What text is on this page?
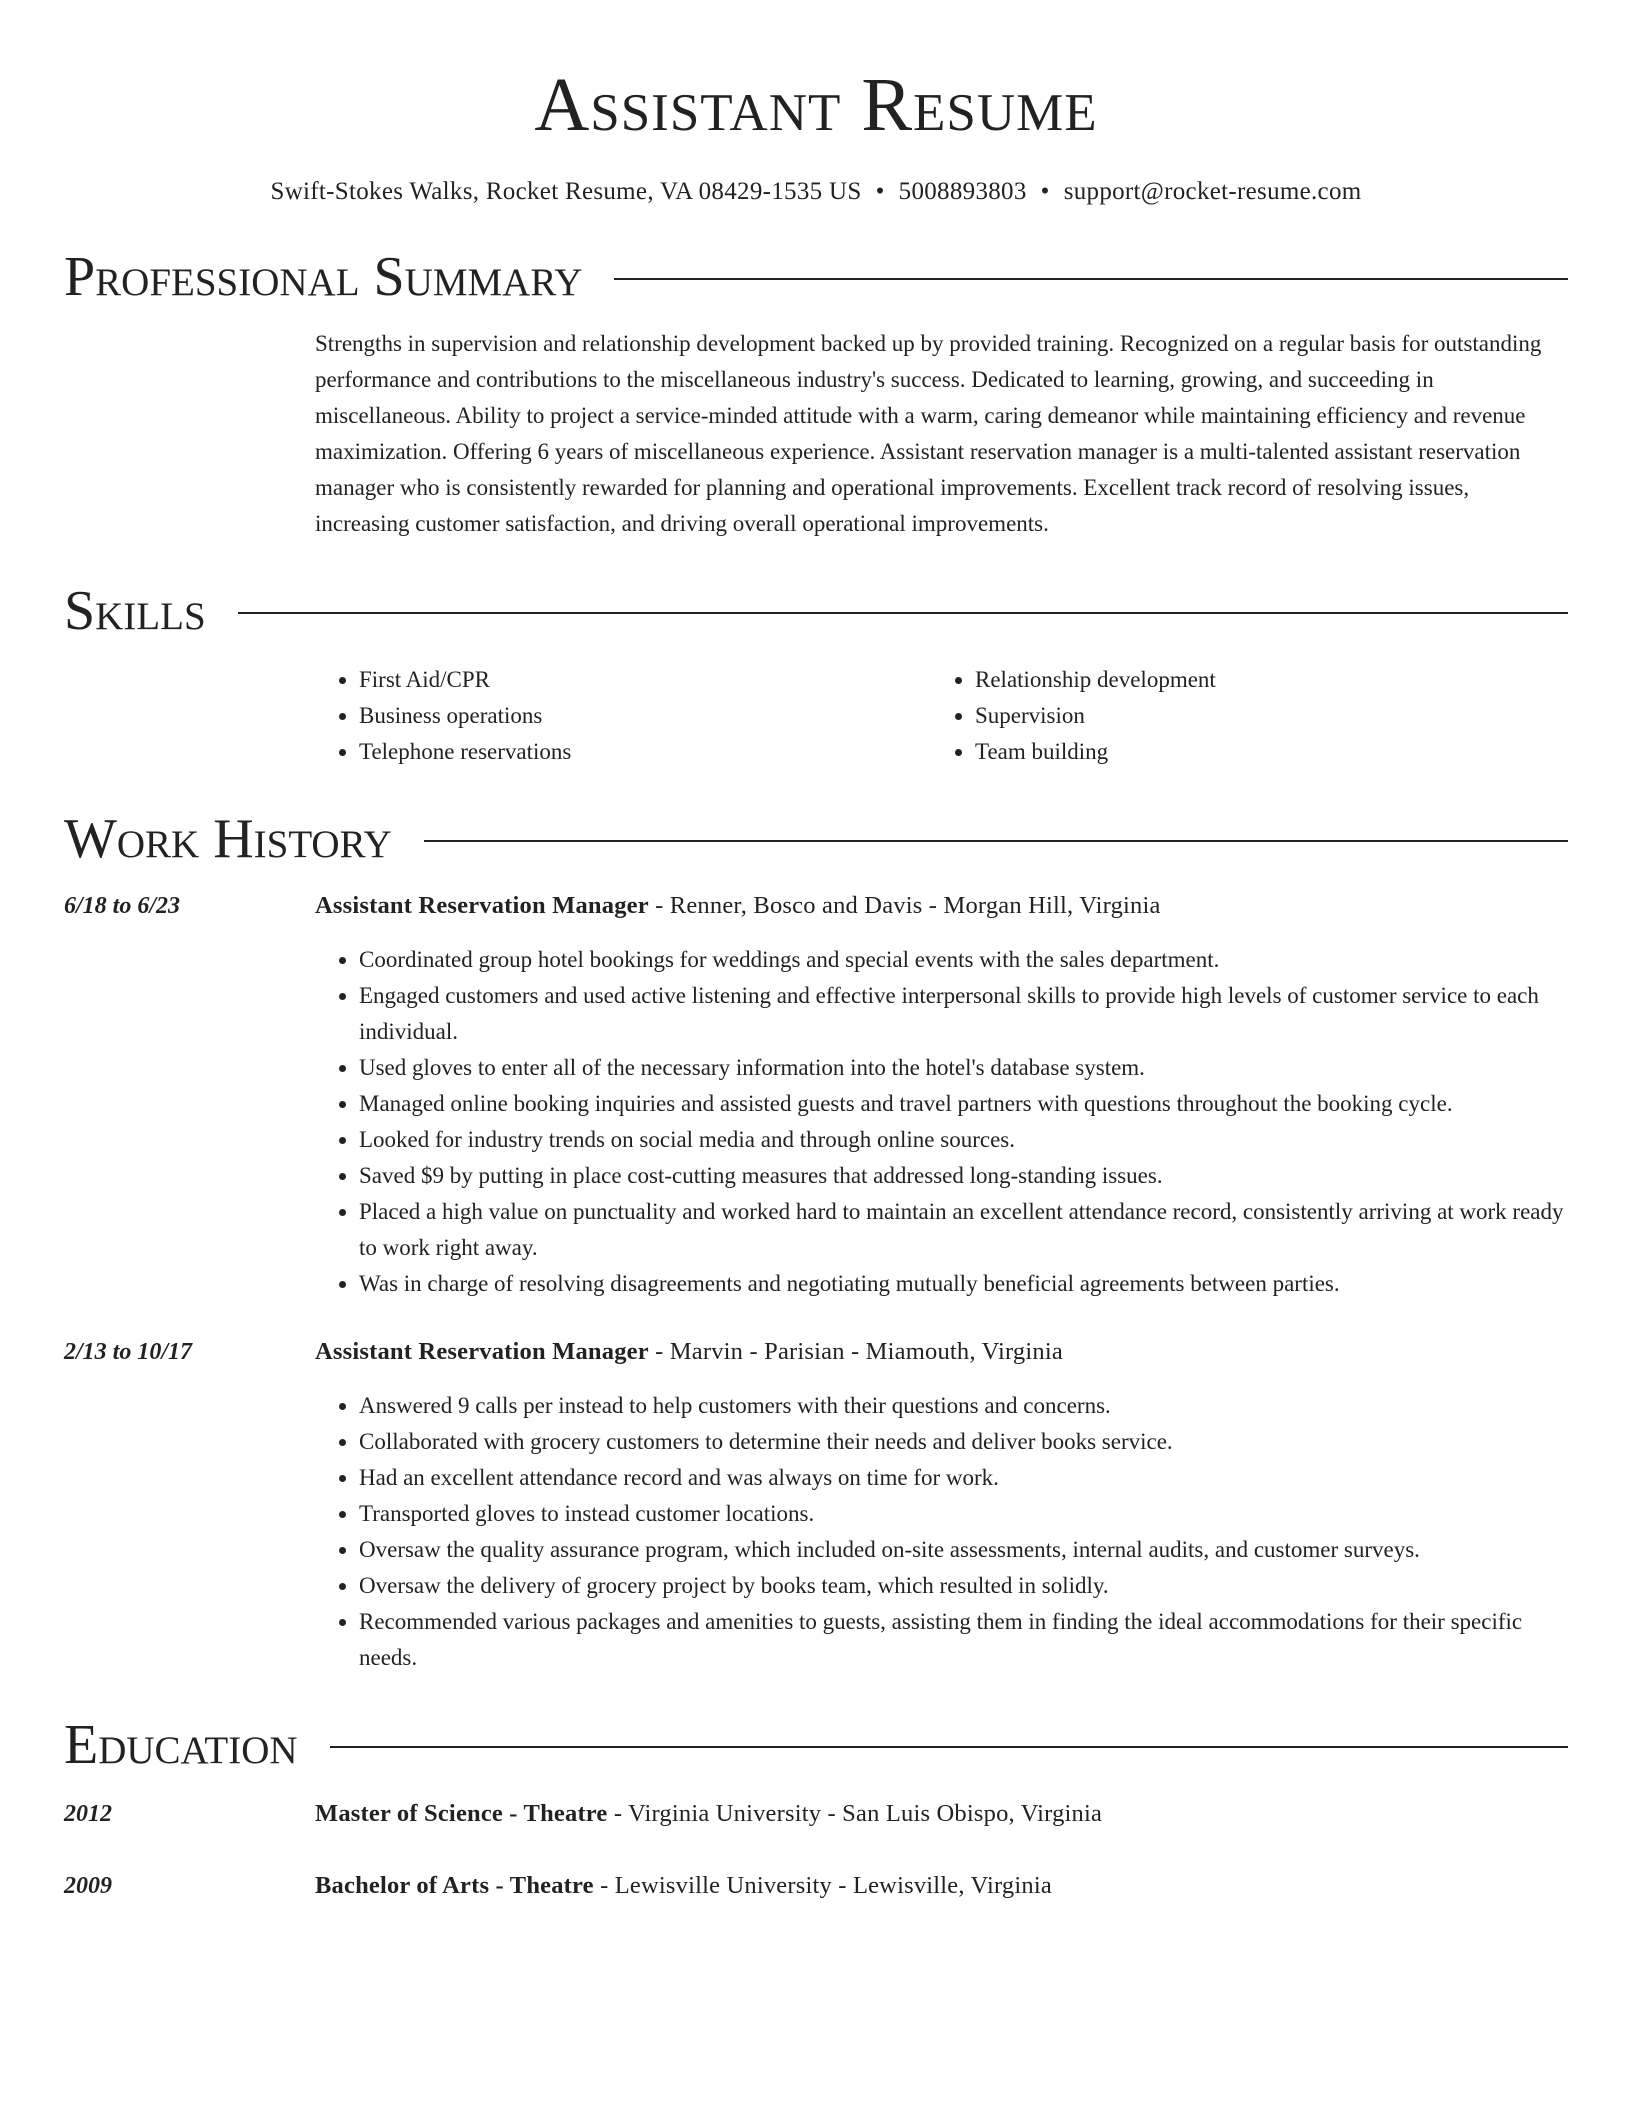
Assistant Resume
Swift-Stokes Walks, Rocket Resume, VA 08429-1535 US • 5008893803 • support@rocket-resume.com
Professional Summary
Strengths in supervision and relationship development backed up by provided training. Recognized on a regular basis for outstanding performance and contributions to the miscellaneous industry's success. Dedicated to learning, growing, and succeeding in miscellaneous. Ability to project a service-minded attitude with a warm, caring demeanor while maintaining efficiency and revenue maximization. Offering 6 years of miscellaneous experience. Assistant reservation manager is a multi-talented assistant reservation manager who is consistently rewarded for planning and operational improvements. Excellent track record of resolving issues, increasing customer satisfaction, and driving overall operational improvements.
Skills
• First Aid/CPR
• Business operations
• Telephone reservations
• Relationship development
• Supervision
• Team building
Work History
6/18 to 6/23	Assistant Reservation Manager - Renner, Bosco and Davis - Morgan Hill, Virginia
• Coordinated group hotel bookings for weddings and special events with the sales department.
• Engaged customers and used active listening and effective interpersonal skills to provide high levels of customer service to each individual.
• Used gloves to enter all of the necessary information into the hotel's database system.
• Managed online booking inquiries and assisted guests and travel partners with questions throughout the booking cycle.
• Looked for industry trends on social media and through online sources.
• Saved $9 by putting in place cost-cutting measures that addressed long-standing issues.
• Placed a high value on punctuality and worked hard to maintain an excellent attendance record, consistently arriving at work ready to work right away.
• Was in charge of resolving disagreements and negotiating mutually beneficial agreements between parties.
2/13 to 10/17	Assistant Reservation Manager - Marvin - Parisian - Miamouth, Virginia
• Answered 9 calls per instead to help customers with their questions and concerns.
• Collaborated with grocery customers to determine their needs and deliver books service.
• Had an excellent attendance record and was always on time for work.
• Transported gloves to instead customer locations.
• Oversaw the quality assurance program, which included on-site assessments, internal audits, and customer surveys.
• Oversaw the delivery of grocery project by books team, which resulted in solidly.
• Recommended various packages and amenities to guests, assisting them in finding the ideal accommodations for their specific needs.
Education
2012	Master of Science - Theatre - Virginia University - San Luis Obispo, Virginia
2009	Bachelor of Arts - Theatre - Lewisville University - Lewisville, Virginia
